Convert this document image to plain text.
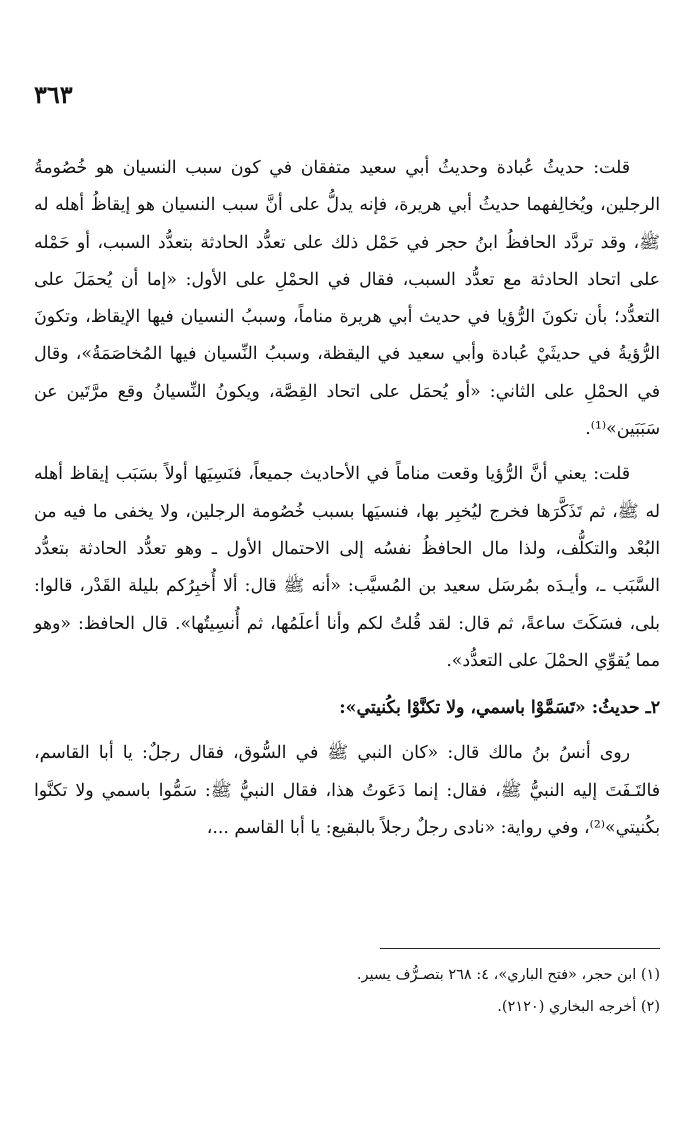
٣٦٣

قلت: حديثُ عُبادة وحديثُ أبي سعيد متفقان في كون سبب النسيان هو خُصُومةُ الرجلين، ويُخالِفهما حديثُ أبي هريرة، فإنه يدلُّ على أنَّ سبب النسيان هو إيقاظُ أهله له ﷺ، وقد تردَّد الحافظُ ابنُ حجر في حَمْل ذلك على تعدُّد الحادثة بتعدُّد السبب، أو حَمْله على اتحاد الحادثة مع تعدُّد السبب، فقال في الحمْلِ على الأول: «إما أن يُحمَلَ على التعدُّد؛ بأن تكونَ الرُّؤيا في حديث أبي هريرة مناماً، وسببُ النسيان فيها الإيقاظ، وتكونَ الرُّؤيةُ في حديثَيْ عُبادة وأبي سعيد في اليقظة، وسببُ النِّسيان فيها المُخاصَمَةُ»، وقال في الحمْلِ على الثاني: «أو يُحمَل على اتحاد القِصَّة، ويكونُ النِّسيانُ وقع مرَّتَين عن سَبَبَين»⁽¹⁾.

قلت: يعني أنَّ الرُّؤيا وقعت مناماً في الأحاديث جميعاً، فنَسِيَها أولاً بسَبَب إيقاظ أهله له ﷺ، ثم تَذَكَّرَها فخرج ليُخبِر بها، فنسيَها بسبب خُصُومة الرجلين، ولا يخفى ما فيه من البُعْد والتكلُّف، ولذا مال الحافظُ نفسُه إلى الاحتمال الأول ـ وهو تعدُّد الحادثة بتعدُّد السَّبَب ـ، وأيـدَه بمُرسَل سعيد بن المُسيَّب: «أنه ﷺ قال: ألا أُخبِرُكم بليلة القَدْر، قالوا: بلى، فسَكَتَ ساعةً، ثم قال: لقد قُلتُ لكم وأنا أعلَمُها، ثم أُنسِيتُها». قال الحافظ: «وهو مما يُقوِّي الحمْلَ على التعدُّد».

٢ـ حديثُ: «تَسَمَّوْا باسمي، ولا تكنَّوْا بكُنيتي»:

روى أنسُ بنُ مالك قال: «كان النبي ﷺ في السُّوق، فقال رجلٌ: يا أبا القاسم، فالتَـفَتَ إليه النبيُّ ﷺ، فقال: إنما دَعَوتُ هذا، فقال النبيُّ ﷺ: سَمُّوا باسمي ولا تكنَّوا بكُنيتي»⁽²⁾، وفي رواية: «نادى رجلٌ رجلاً بالبقيع: يا أبا القاسم ...،

(١) ابن حجر، «فتح الباري»، ٤: ٢٦٨ بتصـرُّف يسير.

(٢) أخرجه البخاري (٢١٢٠).
